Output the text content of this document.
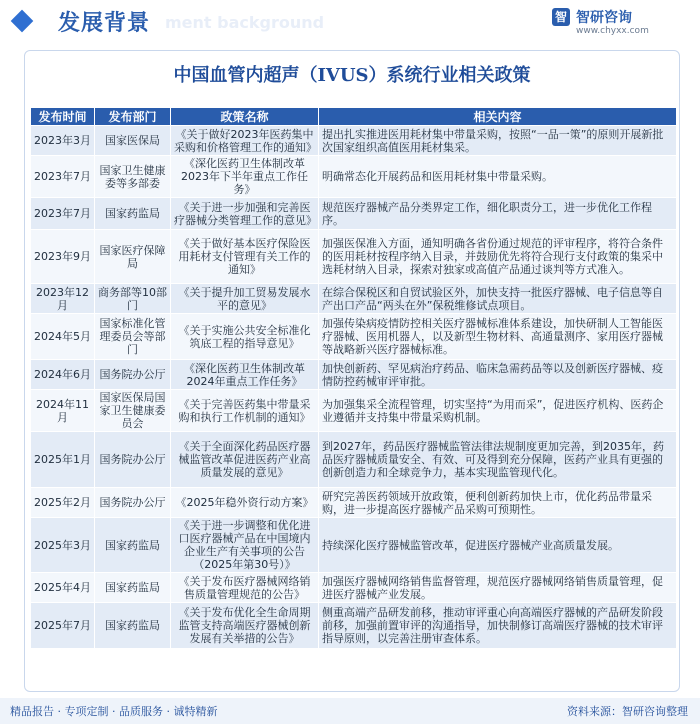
发展背景 ment background	智 智研咨询
www.chyxx.com
中国血管内超声（IVUS）系统行业相关政策
发布时间	发布部门	政策名称	相关内容
2023年3月	国家医保局	《关于做好2023年医药集中采购和价格管理工作的通知》	提出扎实推进医用耗材集中带量采购，按照“一品一策”的原则开展新批次国家组织高值医用耗材集采。
2023年7月	国家卫生健康委等多部委	《深化医药卫生体制改革2023年下半年重点工作任务》	明确常态化开展药品和医用耗材集中带量采购。
2023年7月	国家药监局	《关于进一步加强和完善医疗器械分类管理工作的意见》	规范医疗器械产品分类界定工作，细化职责分工，进一步优化工作程序。
2023年9月	国家医疗保障局	《关于做好基本医疗保险医用耗材支付管理有关工作的通知》	加强医保准入方面，通知明确各省份通过规范的评审程序，将符合条件的医用耗材按程序纳入目录，并鼓励优先将符合现行支付政策的集采中选耗材纳入目录，探索对独家或高值产品通过谈判等方式准入。
2023年12月	商务部等10部门	《关于提升加工贸易发展水平的意见》	在综合保税区和自贸试验区外，加快支持一批医疗器械、电子信息等自产出口产品“两头在外”保税维修试点项目。
2024年5月	国家标准化管理委员会等部门	《关于实施公共安全标准化筑底工程的指导意见》	加强传染病疫情防控相关医疗器械标准体系建设，加快研制人工智能医疗器械、医用机器人，以及新型生物材料、高通量测序、家用医疗器械等战略新兴医疗器械标准。
2024年6月	国务院办公厅	《深化医药卫生体制改革2024年重点工作任务》	加快创新药、罕见病治疗药品、临床急需药品等以及创新医疗器械、疫情防控药械审评审批。
2024年11月	国家医保局国家卫生健康委员会	《关于完善医药集中带量采购和执行工作机制的通知》	为加强集采全流程管理，切实坚持“为用而采”，促进医疗机构、医药企业遵循并支持集中带量采购机制。
2025年1月	国务院办公厅	《关于全面深化药品医疗器械监管改革促进医药产业高质量发展的意见》	到2027年，药品医疗器械监管法律法规制度更加完善，到2035年，药品医疗器械质量安全、有效、可及得到充分保障，医药产业具有更强的创新创造力和全球竞争力，基本实现监管现代化。
2025年2月	国务院办公厅	《2025年稳外资行动方案》	研究完善医药领域开放政策，便利创新药加快上市，优化药品带量采购，进一步提高医疗器械产品采购可预期性。
2025年3月	国家药监局	《关于进一步调整和优化进口医疗器械产品在中国境内企业生产有关事项的公告（2025年第30号）》	持续深化医疗器械监管改革，促进医疗器械产业高质量发展。
2025年4月	国家药监局	《关于发布医疗器械网络销售质量管理规范的公告》	加强医疗器械网络销售监督管理，规范医疗器械网络销售质量管理，促进医疗器械产业发展。
2025年7月	国家药监局	《关于发布优化全生命周期监管支持高端医疗器械创新发展有关举措的公告》	侧重高端产品研发前移，推动审评重心向高端医疗器械的产品研发阶段前移，加强前置审评的沟通指导，加快制修订高端医疗器械的技术审评指导原则，以完善注册审查体系。
精品报告 · 专项定制 · 品质服务 · 诚特精新	资料来源：智研咨询整理
